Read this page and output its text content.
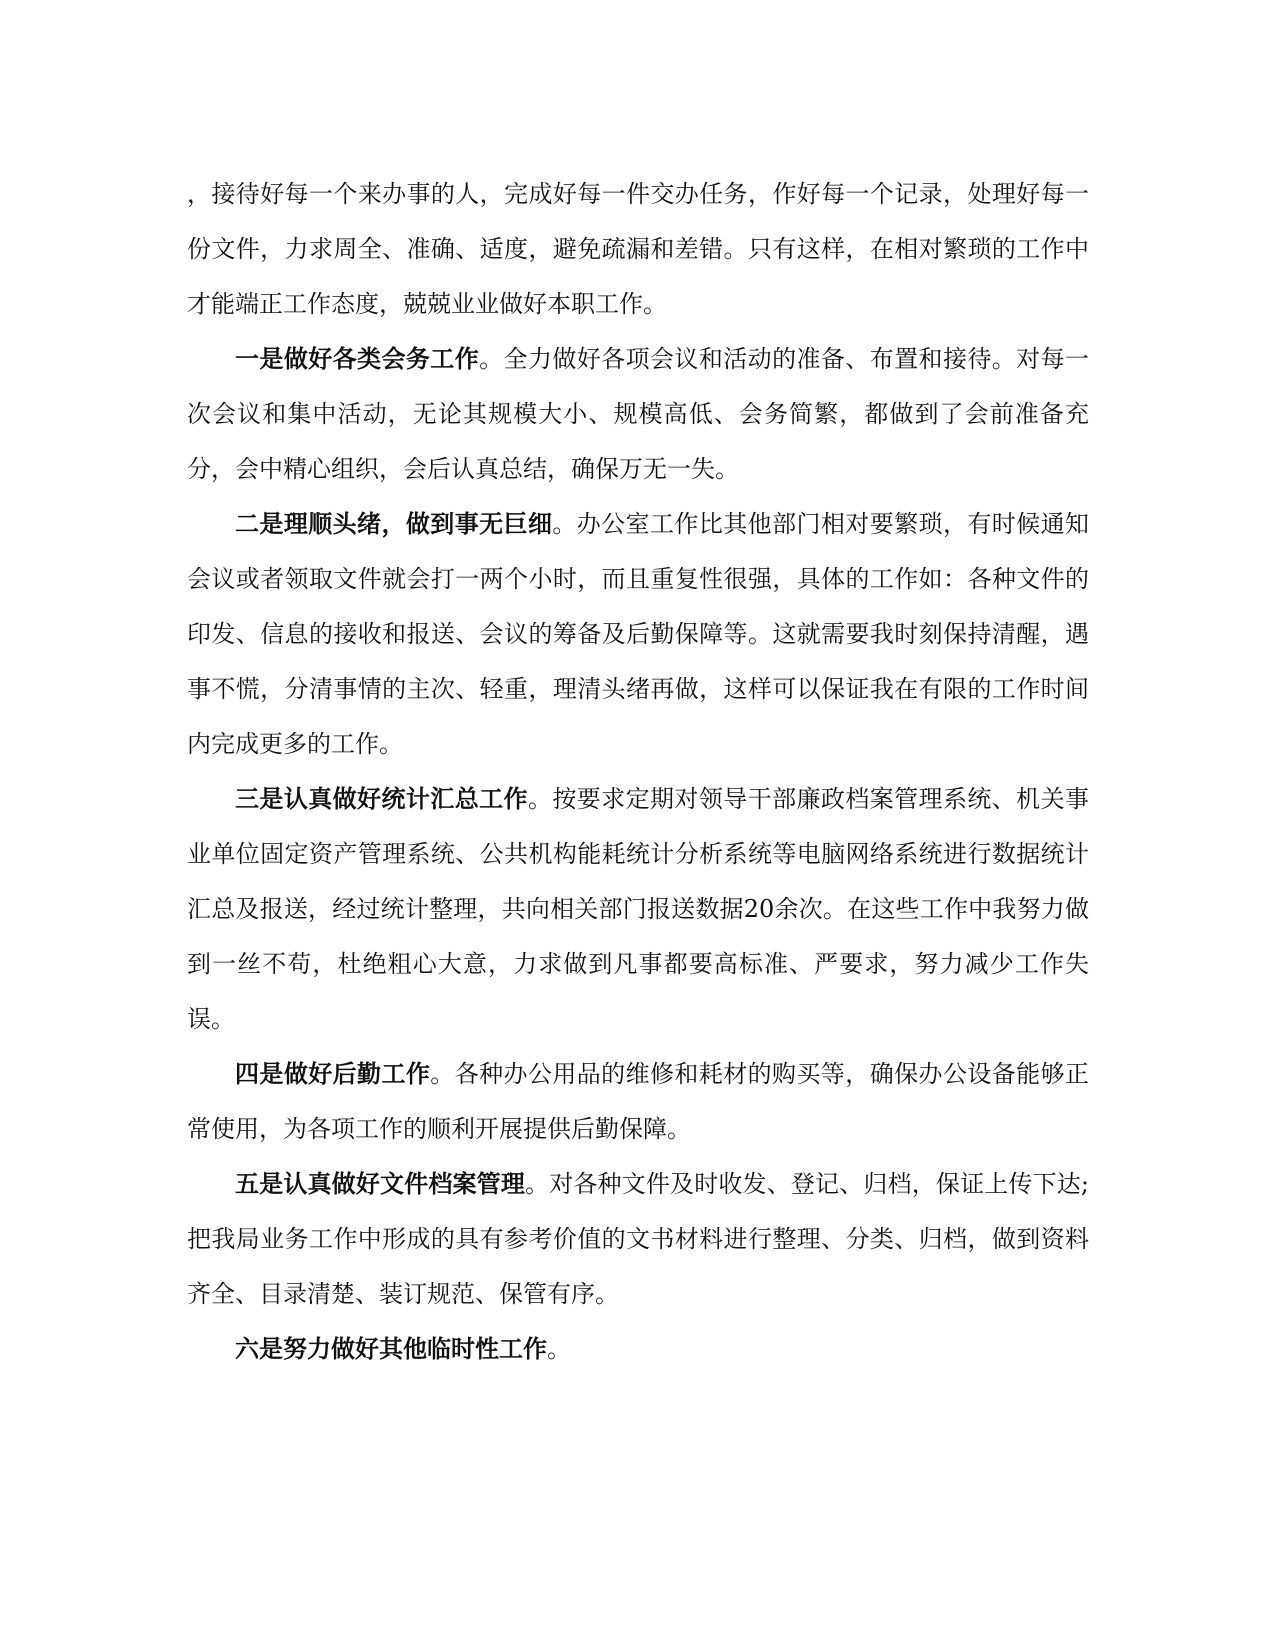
，接待好每一个来办事的人，完成好每一件交办任务，作好每一个记录，处理好每一份文件，力求周全、准确、适度，避免疏漏和差错。只有这样，在相对繁琐的工作中才能端正工作态度，兢兢业业做好本职工作。

一是做好各类会务工作。全力做好各项会议和活动的准备、布置和接待。对每一次会议和集中活动，无论其规模大小、规模高低、会务简繁，都做到了会前准备充分，会中精心组织，会后认真总结，确保万无一失。

二是理顺头绪，做到事无巨细。办公室工作比其他部门相对要繁琐，有时候通知会议或者领取文件就会打一两个小时，而且重复性很强，具体的工作如：各种文件的印发、信息的接收和报送、会议的筹备及后勤保障等。这就需要我时刻保持清醒，遇事不慌，分清事情的主次、轻重，理清头绪再做，这样可以保证我在有限的工作时间内完成更多的工作。

三是认真做好统计汇总工作。按要求定期对领导干部廉政档案管理系统、机关事业单位固定资产管理系统、公共机构能耗统计分析系统等电脑网络系统进行数据统计汇总及报送，经过统计整理，共向相关部门报送数据20余次。在这些工作中我努力做到一丝不苟，杜绝粗心大意，力求做到凡事都要高标准、严要求，努力减少工作失误。

四是做好后勤工作。各种办公用品的维修和耗材的购买等，确保办公设备能够正常使用，为各项工作的顺利开展提供后勤保障。

五是认真做好文件档案管理。对各种文件及时收发、登记、归档，保证上传下达;把我局业务工作中形成的具有参考价值的文书材料进行整理、分类、归档，做到资料齐全、目录清楚、装订规范、保管有序。

六是努力做好其他临时性工作。
